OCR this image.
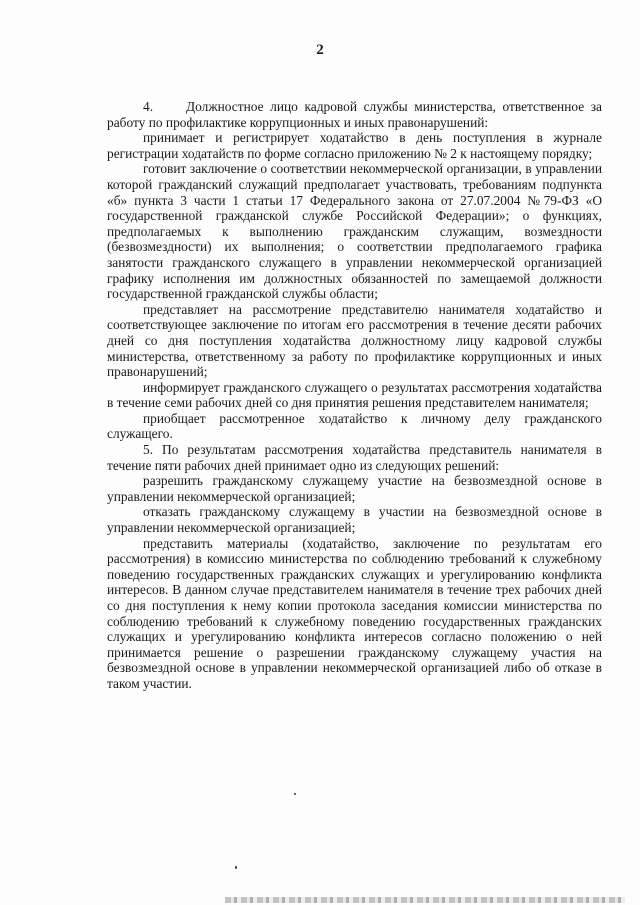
2

4.     Должностное лицо кадровой службы министерства, ответственное за работу по профилактике коррупционных и иных правонарушений:

принимает и регистрирует ходатайство в день поступления в журнале регистрации ходатайств по форме согласно приложению № 2 к настоящему порядку;

готовит заключение о соответствии некоммерческой организации, в управлении которой гражданский служащий предполагает участвовать, требованиям подпункта «б» пункта 3 части 1 статьи 17 Федерального закона от 27.07.2004 №79-ФЗ «О государственной гражданской службе Российской Федерации»; о функциях, предполагаемых к выполнению гражданским служащим, возмездности (безвозмездности) их выполнения; о соответствии предполагаемого графика занятости гражданского служащего в управлении некоммерческой организацией графику исполнения им должностных обязанностей по замещаемой должности государственной гражданской службы области;

представляет на рассмотрение представителю нанимателя ходатайство и соответствующее заключение по итогам его рассмотрения в течение десяти рабочих дней со дня поступления ходатайства должностному лицу кадровой службы министерства, ответственному за работу по профилактике коррупционных и иных правонарушений;

информирует гражданского служащего о результатах рассмотрения ходатайства в течение семи рабочих дней со дня принятия решения представителем нанимателя;

приобщает рассмотренное ходатайство к личному делу гражданского служащего.

5. По результатам рассмотрения ходатайства представитель нанимателя в течение пяти рабочих дней принимает одно из следующих решений:

разрешить гражданскому служащему участие на безвозмездной основе в управлении некоммерческой организацией;

отказать гражданскому служащему в участии на безвозмездной основе в управлении некоммерческой организацией;

представить материалы (ходатайство, заключение по результатам его рассмотрения) в комиссию министерства по соблюдению требований к служебному поведению государственных гражданских служащих и урегулированию конфликта интересов. В данном случае представителем нанимателя в течение трех рабочих дней со дня поступления к нему копии протокола заседания комиссии министерства по соблюдению требований к служебному поведению государственных гражданских служащих и урегулированию конфликта интересов согласно положению о ней принимается решение о разрешении гражданскому служащему участия на безвозмездной основе в управлении некоммерческой организацией либо об отказе в таком участии.
